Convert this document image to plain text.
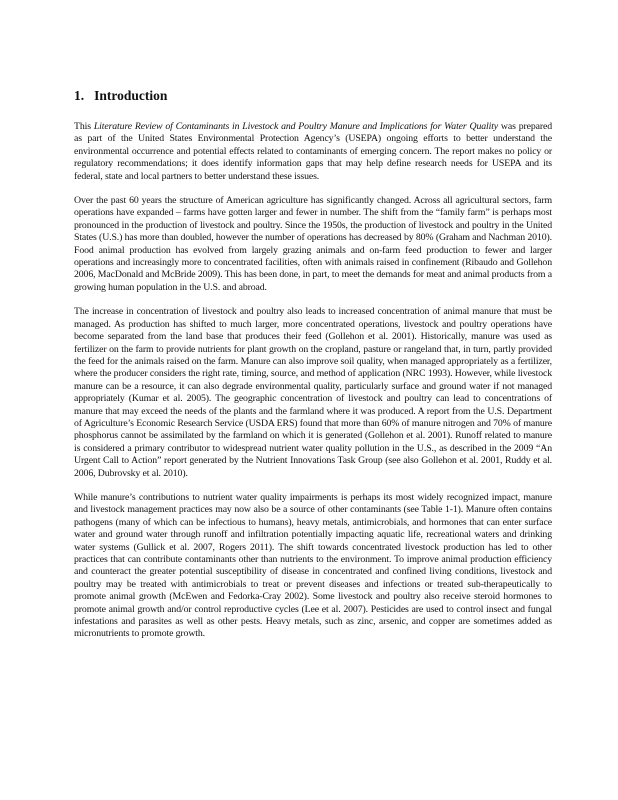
1. Introduction

This Literature Review of Contaminants in Livestock and Poultry Manure and Implications for Water Quality was prepared as part of the United States Environmental Protection Agency’s (USEPA) ongoing efforts to better understand the environmental occurrence and potential effects related to contaminants of emerging concern. The report makes no policy or regulatory recommendations; it does identify information gaps that may help define research needs for USEPA and its federal, state and local partners to better understand these issues.

Over the past 60 years the structure of American agriculture has significantly changed. Across all agricultural sectors, farm operations have expanded – farms have gotten larger and fewer in number. The shift from the “family farm” is perhaps most pronounced in the production of livestock and poultry. Since the 1950s, the production of livestock and poultry in the United States (U.S.) has more than doubled, however the number of operations has decreased by 80% (Graham and Nachman 2010). Food animal production has evolved from largely grazing animals and on-farm feed production to fewer and larger operations and increasingly more to concentrated facilities, often with animals raised in confinement (Ribaudo and Gollehon 2006, MacDonald and McBride 2009). This has been done, in part, to meet the demands for meat and animal products from a growing human population in the U.S. and abroad.

The increase in concentration of livestock and poultry also leads to increased concentration of animal manure that must be managed. As production has shifted to much larger, more concentrated operations, livestock and poultry operations have become separated from the land base that produces their feed (Gollehon et al. 2001). Historically, manure was used as fertilizer on the farm to provide nutrients for plant growth on the cropland, pasture or rangeland that, in turn, partly provided the feed for the animals raised on the farm. Manure can also improve soil quality, when managed appropriately as a fertilizer, where the producer considers the right rate, timing, source, and method of application (NRC 1993). However, while livestock manure can be a resource, it can also degrade environmental quality, particularly surface and ground water if not managed appropriately (Kumar et al. 2005). The geographic concentration of livestock and poultry can lead to concentrations of manure that may exceed the needs of the plants and the farmland where it was produced. A report from the U.S. Department of Agriculture’s Economic Research Service (USDA ERS) found that more than 60% of manure nitrogen and 70% of manure phosphorus cannot be assimilated by the farmland on which it is generated (Gollehon et al. 2001). Runoff related to manure is considered a primary contributor to widespread nutrient water quality pollution in the U.S., as described in the 2009 “An Urgent Call to Action” report generated by the Nutrient Innovations Task Group (see also Gollehon et al. 2001, Ruddy et al. 2006, Dubrovsky et al. 2010).

While manure’s contributions to nutrient water quality impairments is perhaps its most widely recognized impact, manure and livestock management practices may now also be a source of other contaminants (see Table 1-1). Manure often contains pathogens (many of which can be infectious to humans), heavy metals, antimicrobials, and hormones that can enter surface water and ground water through runoff and infiltration potentially impacting aquatic life, recreational waters and drinking water systems (Gullick et al. 2007, Rogers 2011). The shift towards concentrated livestock production has led to other practices that can contribute contaminants other than nutrients to the environment. To improve animal production efficiency and counteract the greater potential susceptibility of disease in concentrated and confined living conditions, livestock and poultry may be treated with antimicrobials to treat or prevent diseases and infections or treated sub-therapeutically to promote animal growth (McEwen and Fedorka-Cray 2002). Some livestock and poultry also receive steroid hormones to promote animal growth and/or control reproductive cycles (Lee et al. 2007). Pesticides are used to control insect and fungal infestations and parasites as well as other pests. Heavy metals, such as zinc, arsenic, and copper are sometimes added as micronutrients to promote growth.
